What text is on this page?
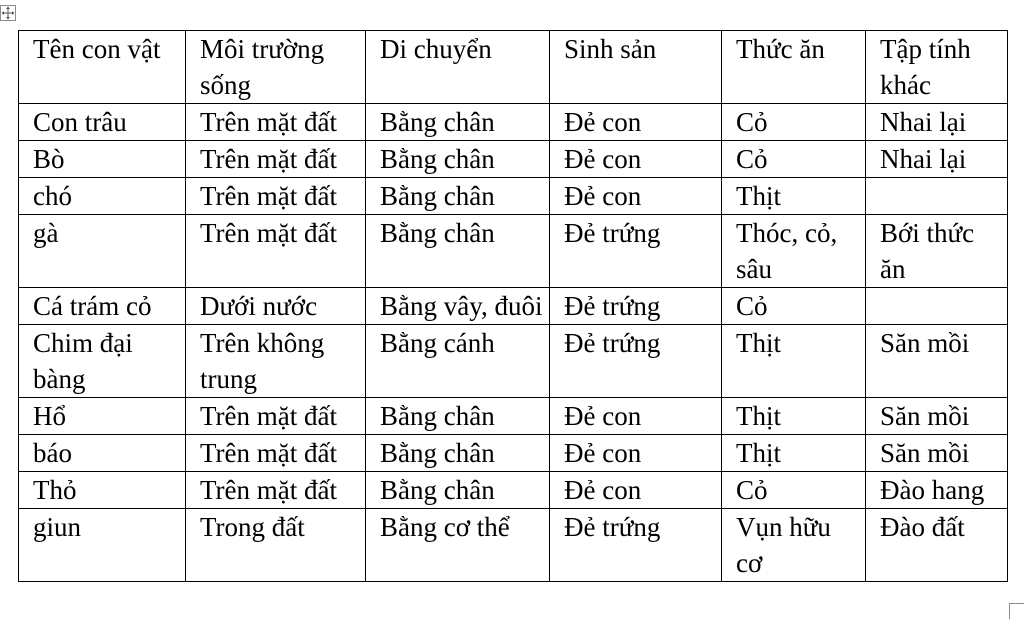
Tên con vật	Môi trường sống	Di chuyển	Sinh sản	Thức ăn	Tập tính khác
Con trâu	Trên mặt đất	Bằng chân	Đẻ con	Cỏ	Nhai lại
Bò	Trên mặt đất	Bằng chân	Đẻ con	Cỏ	Nhai lại
chó	Trên mặt đất	Bằng chân	Đẻ con	Thịt	
gà	Trên mặt đất	Bằng chân	Đẻ trứng	Thóc, cỏ, sâu	Bới thức ăn
Cá trám cỏ	Dưới nước	Bằng vây, đuôi	Đẻ trứng	Cỏ	
Chim đại bàng	Trên không trung	Bằng cánh	Đẻ trứng	Thịt	Săn mồi
Hổ	Trên mặt đất	Bằng chân	Đẻ con	Thịt	Săn mồi
báo	Trên mặt đất	Bằng chân	Đẻ con	Thịt	Săn mồi
Thỏ	Trên mặt đất	Bằng chân	Đẻ con	Cỏ	Đào hang
giun	Trong đất	Bằng cơ thể	Đẻ trứng	Vụn hữu cơ	Đào đất
